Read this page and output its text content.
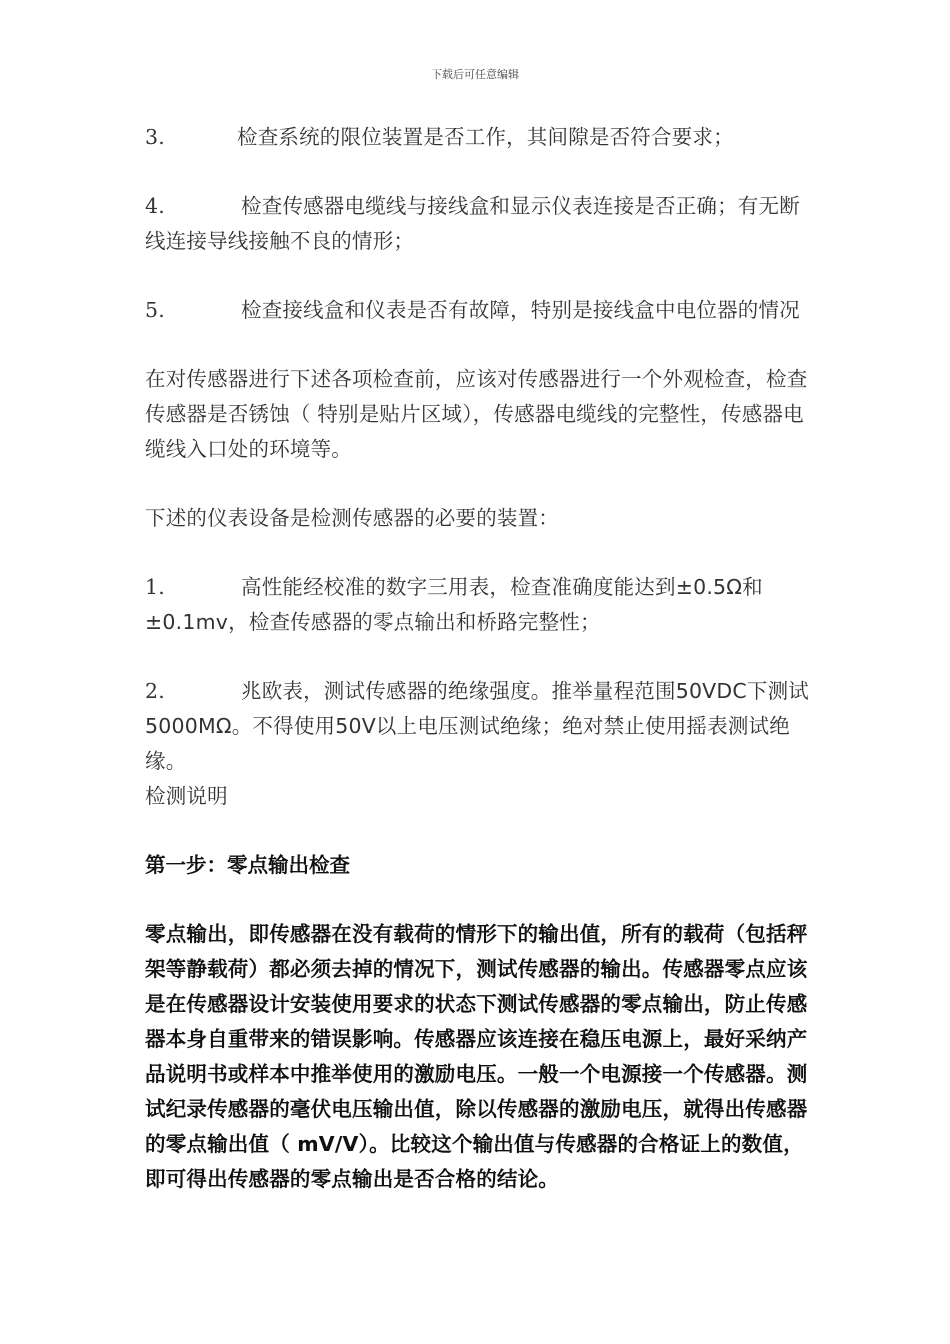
下载后可任意编辑

3.	检查系统的限位装置是否工作，其间隙是否符合要求；

4.	检查传感器电缆线与接线盒和显示仪表连接是否正确；有无断线连接导线接触不良的情形；

5.	检查接线盒和仪表是否有故障，特别是接线盒中电位器的情况

在对传感器进行下述各项检查前，应该对传感器进行一个外观检查，检查传感器是否锈蚀（ 特别是贴片区域），传感器电缆线的完整性，传感器电缆线入口处的环境等。

下述的仪表设备是检测传感器的必要的装置：

1.	高性能经校准的数字三用表，检查准确度能达到±0.5Ω和±0.1mv，检查传感器的零点输出和桥路完整性；

2.	兆欧表，测试传感器的绝缘强度。推举量程范围50VDC下测试5000MΩ。不得使用50V以上电压测试绝缘；绝对禁止使用摇表测试绝缘。

检测说明

第一步：零点输出检查

零点输出，即传感器在没有载荷的情形下的输出值，所有的载荷（包括秤架等静载荷）都必须去掉的情况下，测试传感器的输出。传感器零点应该是在传感器设计安装使用要求的状态下测试传感器的零点输出，防止传感器本身自重带来的错误影响。传感器应该连接在稳压电源上，最好采纳产品说明书或样本中推举使用的激励电压。一般一个电源接一个传感器。测试纪录传感器的毫伏电压输出值，除以传感器的激励电压，就得出传感器的零点输出值（ mV/V）。比较这个输出值与传感器的合格证上的数值，即可得出传感器的零点输出是否合格的结论。
